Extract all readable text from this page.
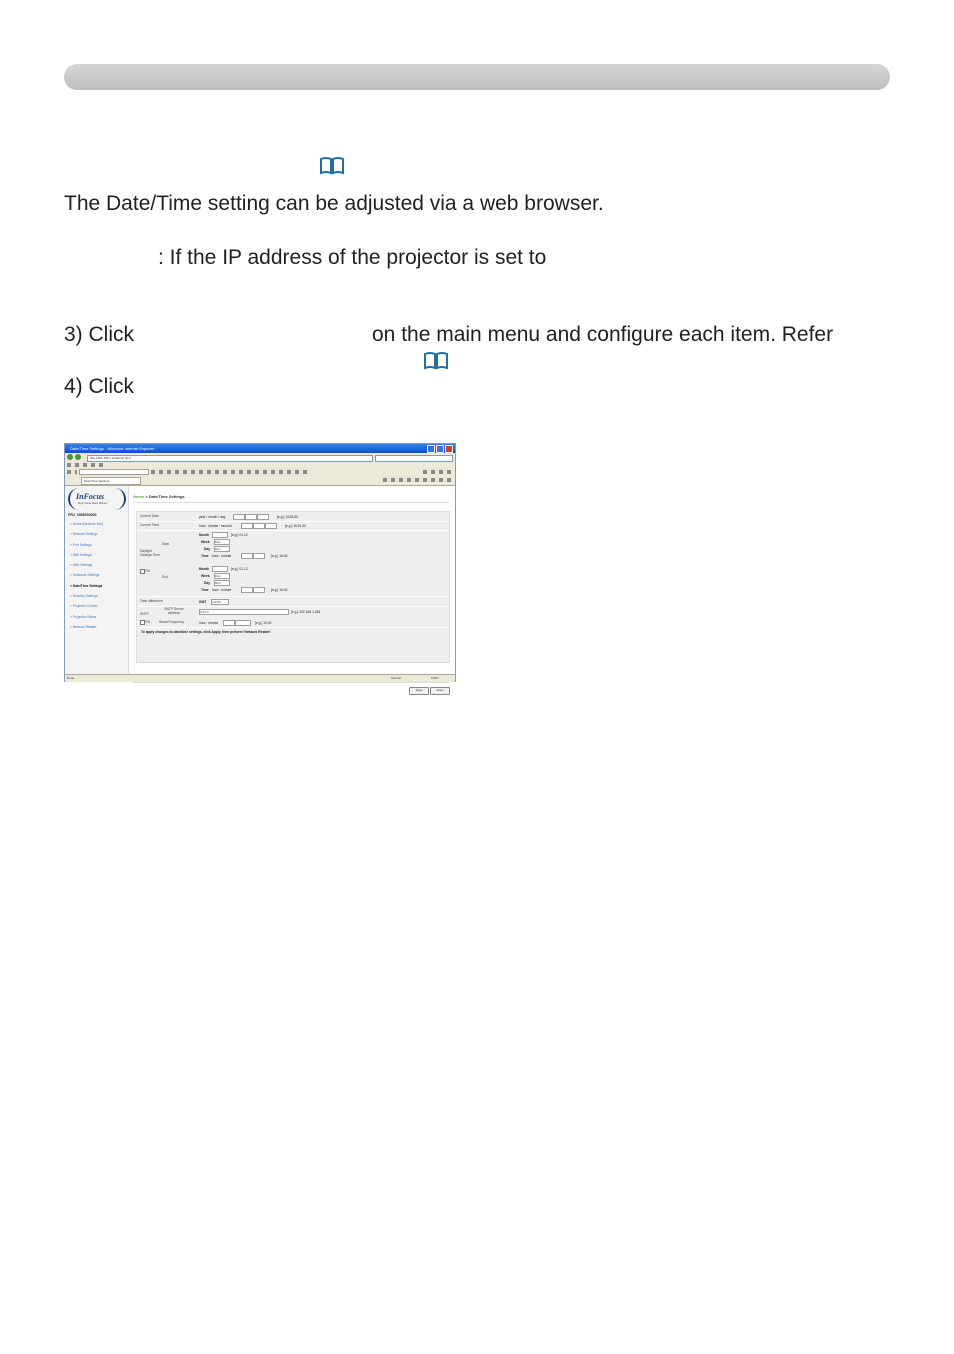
The Date/Time setting can be adjusted via a web browser.
: If the IP address of the projector is set to
3) Click	on the main menu and configure each item. Refer
4) Click
Date/Time Settings - Windows Internet Explorer
http://192.168.1.10/admin.html
Date/Time Settings
InFocus
Bright Ideas Made Brilliant
PRJ_000E000000
» Home (Network Info)
» Network Settings
» Port Settings
» Mail Settings
» Alert Settings
» Schedule Settings
» Date/Time Settings
» Security Settings
» Projector Control
» Projector Status
» Network Restart
Home > Date/Time Settings
Current Date	year / month / day	[e.g.] 10/01/20
Current Time	hour : minute : second	[e.g.] 16:01:20
Daylight Savings Time
ON
Start
Month	[e.g.] 01-12
Week	First
Day	Mon
Time hour : minute	[e.g.] 16:00
End
Month	[e.g.] 01-12
Week	First
Day	Mon
Time hour : minute	[e.g.] 16:00
Time difference	GMT	+00:00
SNTP
SNTP Server Address	0.0.0.0	[e.g.] 192.168.1.254
ON	Reset Frequency	hour : minute	[e.g.] 10:00
To apply changes to date/time settings, click Apply, then perform 'Network Restart'.
Apply	Reset
Done	Internet	100%
